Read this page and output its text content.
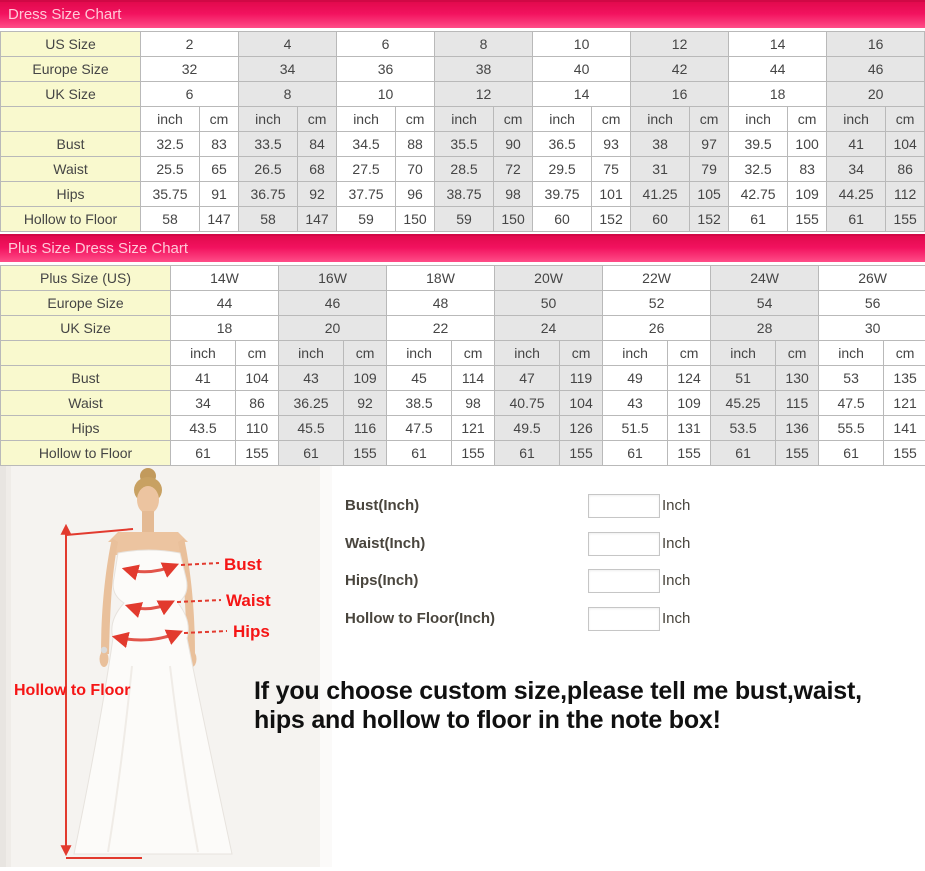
Dress Size Chart
US Size	2		4		6		8		10		12		14		16	
Europe Size	32		34		36		38		40		42		44		46	
UK Size	6		8		10		12		14		16		18		20	
	inch	cm	inch	cm	inch	cm	inch	cm	inch	cm	inch	cm	inch	cm	inch	cm
Bust	32.5	83	33.5	84	34.5	88	35.5	90	36.5	93	38	97	39.5	100	41	104
Waist	25.5	65	26.5	68	27.5	70	28.5	72	29.5	75	31	79	32.5	83	34	86
Hips	35.75	91	36.75	92	37.75	96	38.75	98	39.75	101	41.25	105	42.75	109	44.25	112
Hollow to Floor	58	147	58	147	59	150	59	150	60	152	60	152	61	155	61	155
Plus Size Dress Size Chart
Plus Size (US)	14W		16W		18W		20W		22W		24W		26W	
Europe Size	44		46		48		50		52		54		56	
UK Size	18		20		22		24		26		28		30	
	inch	cm	inch	cm	inch	cm	inch	cm	inch	cm	inch	cm	inch	cm
Bust	41	104	43	109	45	114	47	119	49	124	51	130	53	135
Waist	34	86	36.25	92	38.5	98	40.75	104	43	109	45.25	115	47.5	121
Hips	43.5	110	45.5	116	47.5	121	49.5	126	51.5	131	53.5	136	55.5	141
Hollow to Floor	61	155	61	155	61	155	61	155	61	155	61	155	61	155
Bust
Waist
Hips
Hollow to Floor
Bust(Inch)	Inch
Waist(Inch)	Inch
Hips(Inch)	Inch
Hollow to Floor(Inch)	Inch
If you choose custom size,please tell me bust,waist,
hips and hollow to floor in the note box!
